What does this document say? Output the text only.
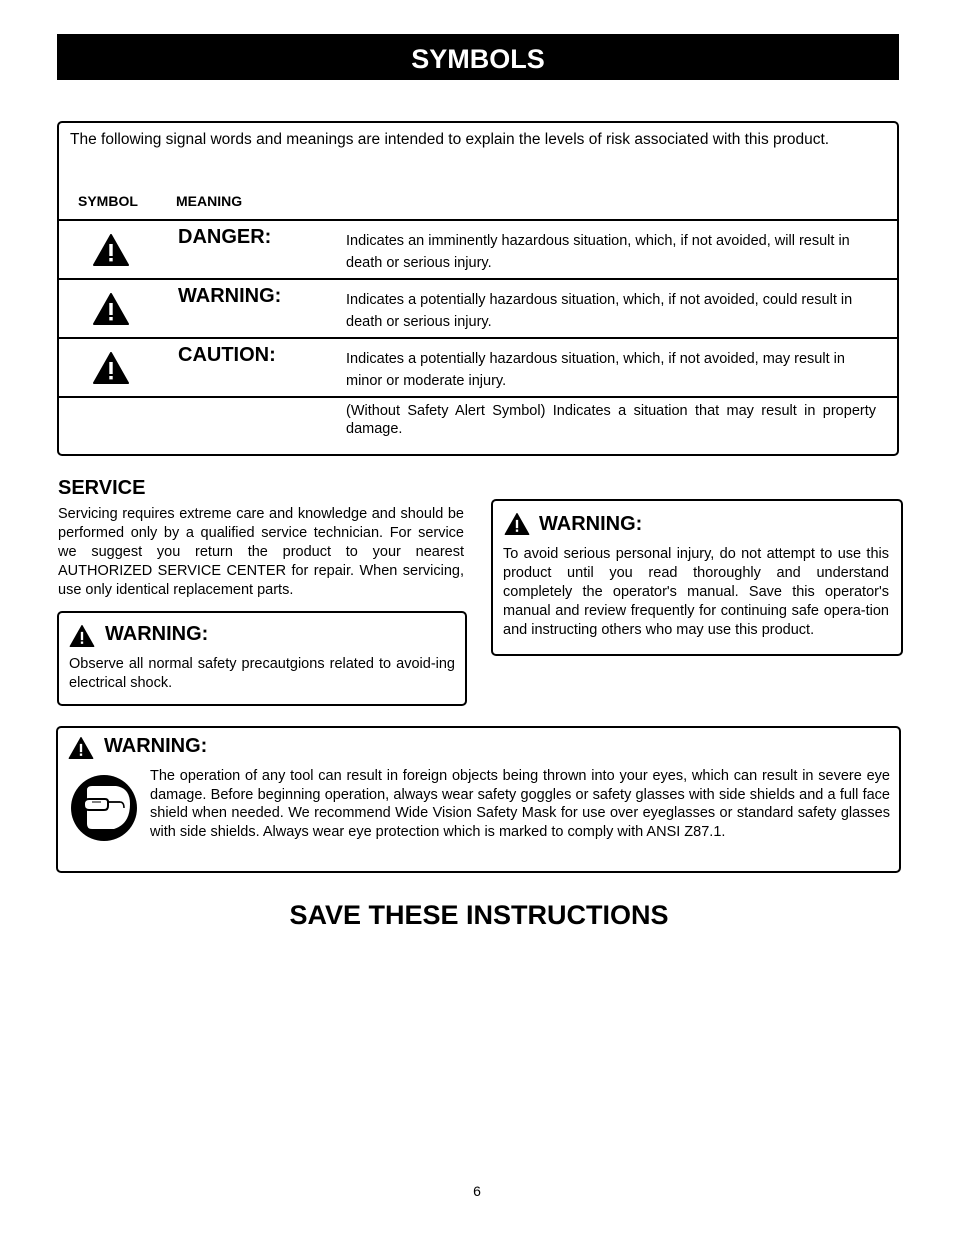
SYMBOLS
The following signal words and meanings are intended to explain the levels of risk associated with this product.
SYMBOL	MEANING
DANGER:	Indicates an imminently hazardous situation, which, if not avoided, will result in death or serious injury.
WARNING:	Indicates a potentially hazardous situation, which, if not avoided, could result in death or serious injury.
CAUTION:	Indicates a potentially hazardous situation, which, if not avoided, may result in minor or moderate injury.
(Without Safety Alert Symbol) Indicates a situation that may result in property damage.
SERVICE
Servicing requires extreme care and knowledge and should be performed only by a qualified service technician. For service we suggest you return the product to your nearest AUTHORIZED SERVICE CENTER for repair. When servicing, use only identical replacement parts.
WARNING:
Observe all normal safety precautgions related to avoid-ing electrical shock.
WARNING:
To avoid serious personal injury, do not attempt to use this product until you read thoroughly and understand completely the operator's manual. Save this operator's manual and review frequently for continuing safe opera-tion and instructing others who may use this product.
WARNING:
The operation of any tool can result in foreign objects being thrown into your eyes, which can result in severe eye damage. Before beginning operation, always wear safety goggles or safety glasses with side shields and a full face shield when needed. We recommend Wide Vision Safety Mask for use over eyeglasses or standard safety glasses with side shields. Always wear eye protection which is marked to comply with ANSI Z87.1.
SAVE THESE INSTRUCTIONS
6
